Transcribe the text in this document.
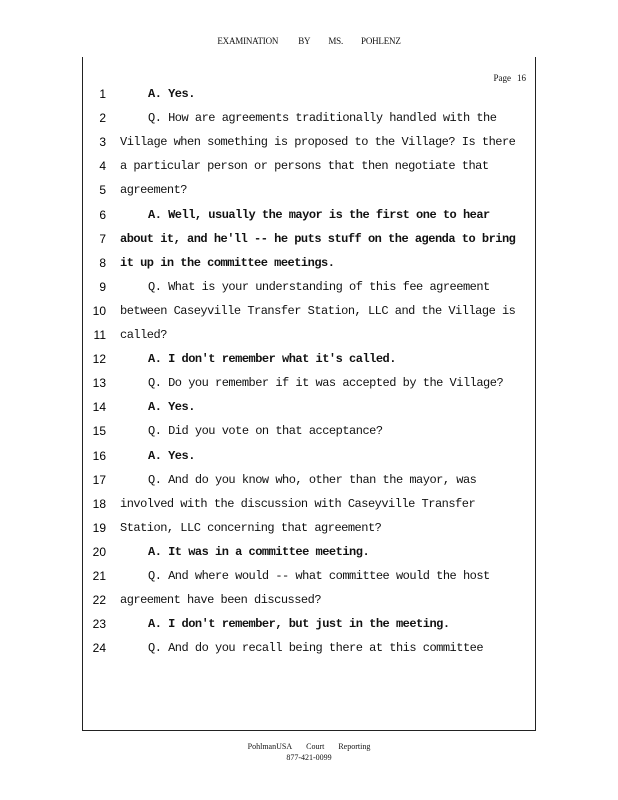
EXAMINATION BY MS. POHLENZ
Page 16
1	A. Yes.
2	Q. How are agreements traditionally handled with the
3 Village when something is proposed to the Village? Is there
4 a particular person or persons that then negotiate that
5 agreement?
6	A. Well, usually the mayor is the first one to hear
7 about it, and he'll -- he puts stuff on the agenda to bring
8 it up in the committee meetings.
9	Q. What is your understanding of this fee agreement
10 between Caseyville Transfer Station, LLC and the Village is
11 called?
12	A. I don't remember what it's called.
13	Q. Do you remember if it was accepted by the Village?
14	A. Yes.
15	Q. Did you vote on that acceptance?
16	A. Yes.
17	Q. And do you know who, other than the mayor, was
18 involved with the discussion with Caseyville Transfer
19 Station, LLC concerning that agreement?
20	A. It was in a committee meeting.
21	Q. And where would -- what committee would the host
22 agreement have been discussed?
23	A. I don't remember, but just in the meeting.
24	Q. And do you recall being there at this committee
PohlmanUSA Court Reporting
877-421-0099
